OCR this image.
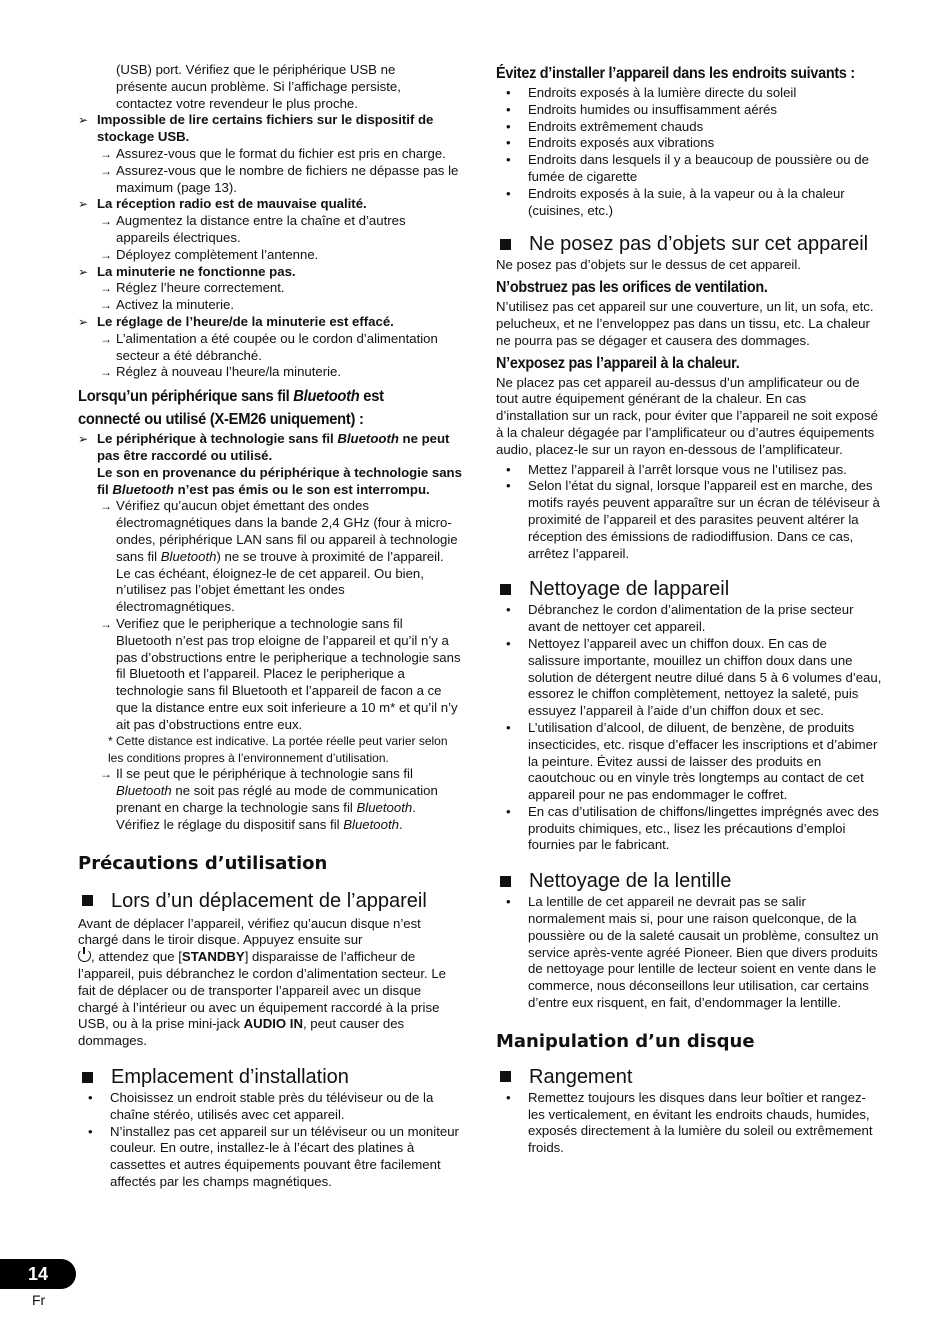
(USB) port. Vérifiez que le périphérique USB ne

présente aucun problème. Si l’affichage persiste,

contactez votre revendeur le plus proche.

➢ Impossible de lire certains fichiers sur le dispositif de stockage USB.
→ Assurez-vous que le format du fichier est pris en charge.
→ Assurez-vous que le nombre de fichiers ne dépasse pas le maximum (page 13).
➢ La réception radio est de mauvaise qualité.
→ Augmentez la distance entre la chaîne et d’autres appareils électriques.
→ Déployez complètement l’antenne.
➢ La minuterie ne fonctionne pas.
→ Réglez l’heure correctement.
→ Activez la minuterie.
➢ Le réglage de l’heure/de la minuterie est effacé.
→ L’alimentation a été coupée ou le cordon d’alimentation secteur a été débranché.
→ Réglez à nouveau l’heure/la minuterie.
Lorsqu’un périphérique sans fil Bluetooth est
connecté ou utilisé (X-EM26 uniquement) :
➢ Le périphérique à technologie sans fil Bluetooth ne peut pas être raccordé ou utilisé.
Le son en provenance du périphérique à technologie sans fil Bluetooth n’est pas émis ou le son est interrompu.
→ Vérifiez qu’aucun objet émettant des ondes électromagnétiques dans la bande 2,4 GHz (four à micro-ondes, périphérique LAN sans fil ou appareil à technologie sans fil Bluetooth) ne se trouve à proximité de l’appareil. Le cas échéant, éloignez-le de cet appareil. Ou bien, n’utilisez pas l’objet émettant les ondes électromagnétiques.
→ Verifiez que le peripherique a technologie sans fil Bluetooth n’est pas trop eloigne de l’appareil et qu’il n’y a pas d’obstructions entre le peripherique a technologie sans fil Bluetooth et l’appareil. Placez le peripherique a technologie sans fil Bluetooth et l’appareil de facon a ce que la distance entre eux soit inferieure a 10 m* et qu’il n’y ait pas d’obstructions entre eux.

* Cette distance est indicative. La portée réelle peut varier selon les conditions propres à l’environnement d’utilisation.

→ Il se peut que le périphérique à technologie sans fil Bluetooth ne soit pas réglé au mode de communication prenant en charge la technologie sans fil Bluetooth. Vérifiez le réglage du dispositif sans fil Bluetooth.
Précautions d’utilisation
Lors d’un déplacement de l’appareil

Avant de déplacer l’appareil, vérifiez qu’aucun disque n’est chargé dans le tiroir disque. Appuyez ensuite sur
, attendez que [STANDBY] disparaisse de l’afficheur de l’appareil, puis débranchez le cordon d’alimentation secteur. Le fait de déplacer ou de transporter l’appareil avec un disque chargé à l’intérieur ou avec un équipement raccordé à la prise USB, ou à la prise mini-jack AUDIO IN, peut causer des dommages.

Emplacement d’installation
•	Choisissez un endroit stable près du téléviseur ou de la chaîne stéréo, utilisés avec cet appareil.
•	N’installez pas cet appareil sur un téléviseur ou un moniteur couleur. En outre, installez-le à l’écart des platines à cassettes et autres équipements pouvant être facilement affectés par les champs magnétiques.
Évitez d’installer l’appareil dans les endroits suivants :
•	Endroits exposés à la lumière directe du soleil
•	Endroits humides ou insuffisamment aérés
•	Endroits extrêmement chauds
•	Endroits exposés aux vibrations
•	Endroits dans lesquels il y a beaucoup de poussière ou de fumée de cigarette
•	Endroits exposés à la suie, à la vapeur ou à la chaleur (cuisines, etc.)
Ne posez pas d’objets sur cet appareil

Ne posez pas d’objets sur le dessus de cet appareil.

N’obstruez pas les orifices de ventilation.

N’utilisez pas cet appareil sur une couverture, un lit, un sofa, etc. pelucheux, et ne l’enveloppez pas dans un tissu, etc. La chaleur ne pourra pas se dégager et causera des dommages.

N’exposez pas l’appareil à la chaleur.

Ne placez pas cet appareil au-dessus d’un amplificateur ou de tout autre équipement générant de la chaleur. En cas d’installation sur un rack, pour éviter que l’appareil ne soit exposé à la chaleur dégagée par l’amplificateur ou d’autres équipements audio, placez-le sur un rayon en-dessous de l’amplificateur.

•	Mettez l’appareil à l’arrêt lorsque vous ne l’utilisez pas.
•	Selon l’état du signal, lorsque l’appareil est en marche, des motifs rayés peuvent apparaître sur un écran de téléviseur à proximité de l’appareil et des parasites peuvent altérer la réception des émissions de radiodiffusion. Dans ce cas, arrêtez l’appareil.
Nettoyage de lappareil
•	Débranchez le cordon d’alimentation de la prise secteur avant de nettoyer cet appareil.
•	Nettoyez l’appareil avec un chiffon doux. En cas de salissure importante, mouillez un chiffon doux dans une solution de détergent neutre dilué dans 5 à 6 volumes d’eau, essorez le chiffon complètement, nettoyez la saleté, puis essuyez l’appareil à l’aide d’un chiffon doux et sec.
•	L’utilisation d’alcool, de diluent, de benzène, de produits insecticides, etc. risque d’effacer les inscriptions et d’abimer la peinture. Évitez aussi de laisser des produits en caoutchouc ou en vinyle très longtemps au contact de cet appareil pour ne pas endommager le coffret.
•	En cas d’utilisation de chiffons/lingettes imprégnés avec des produits chimiques, etc., lisez les précautions d’emploi fournies par le fabricant.
Nettoyage de la lentille
•	La lentille de cet appareil ne devrait pas se salir normalement mais si, pour une raison quelconque, de la poussière ou de la saleté causait un problème, consultez un service après-vente agréé Pioneer. Bien que divers produits de nettoyage pour lentille de lecteur soient en vente dans le commerce, nous déconseillons leur utilisation, car certains d’entre eux risquent, en fait, d’endommager la lentille.
Manipulation d’un disque
Rangement
•	Remettez toujours les disques dans leur boîtier et rangez-les verticalement, en évitant les endroits chauds, humides, exposés directement à la lumière du soleil ou extrêmement froids.
14
Fr
